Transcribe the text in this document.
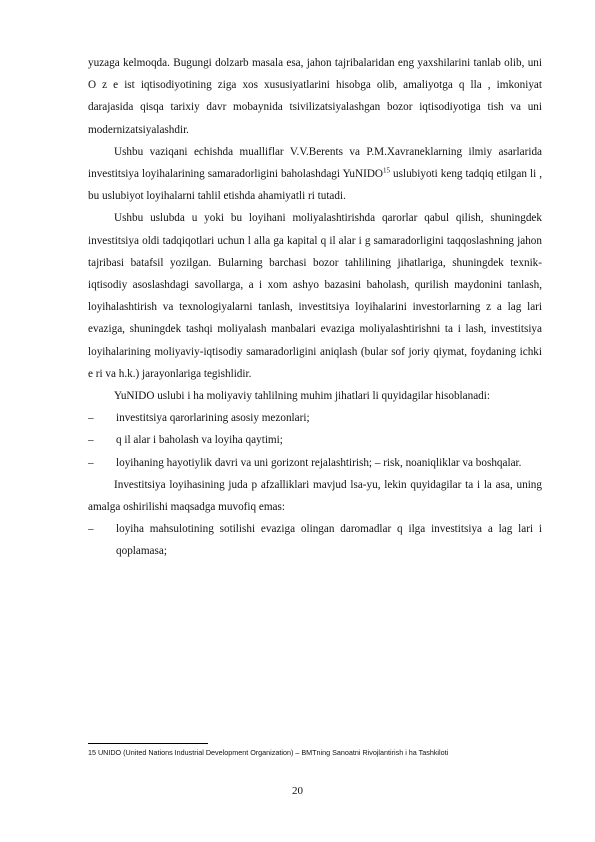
yuzaga kelmoqda. Bugungi dolzarb masala esa, jahon tajribalaridan eng yaxshilarini tanlab olib, uni O z e ist iqtisodiyotining ziga xos xususiyatlarini hisobga olib, amaliyotga q lla , imkoniyat darajasida qisqa tarixiy davr mobaynida tsivilizatsiyalashgan bozor iqtisodiyotiga tish va uni modernizatsiyalashdir.

Ushbu vaziqani echishda mualliflar V.V.Berents va P.M.Xavraneklarning ilmiy asarlarida investitsiya loyihalarining samaradorligini baholashdagi YuNIDO$^{15}$ uslubiyoti keng tadqiq etilgan li , bu uslubiyot loyihalarni tahlil etishda ahamiyatli ri tutadi.

Ushbu uslubda u yoki bu loyihani moliyalashtirishda qarorlar qabul qilish, shuningdek investitsiya oldi tadqiqotlari uchun l alla ga kapital q il alar i g samaradorligini taqqoslashning jahon tajribasi batafsil yozilgan. Bularning barchasi bozor tahlilining jihatlariga, shuningdek texnik-iqtisodiy asoslashdagi savollarga, a i xom ashyo bazasini baholash, qurilish maydonini tanlash, loyihalashtirish va texnologiyalarni tanlash, investitsiya loyihalarini investorlarning z a lag lari evaziga, shuningdek tashqi moliyalash manbalari evaziga moliyalashtirishni ta i lash, investitsiya loyihalarining moliyaviy-iqtisodiy samaradorligini aniqlash (bular sof joriy qiymat, foydaning ichki e ri va h.k.) jarayonlariga tegishlidir.

YuNIDO uslubi i ha moliyaviy tahlilning muhim jihatlari li quyidagilar hisoblanadi:

– investitsiya qarorlarining asosiy mezonlari;
– q il alar i baholash va loyiha qaytimi;
– loyihaning hayotiylik davri va uni gorizont rejalashtirish; – risk, noaniqliklar va boshqalar.

Investitsiya loyihasining juda p afzalliklari mavjud lsa-yu, lekin quyidagilar ta i la asa, uning amalga oshirilishi maqsadga muvofiq emas:

– loyiha mahsulotining sotilishi evaziga olingan daromadlar q ilga investitsiya a lag lari i qoplamasa;
15 UNIDO (United Nations Industrial Development Organization) – BMTning Sanoatni Rivojlantirish i ha Tashkiloti
20
